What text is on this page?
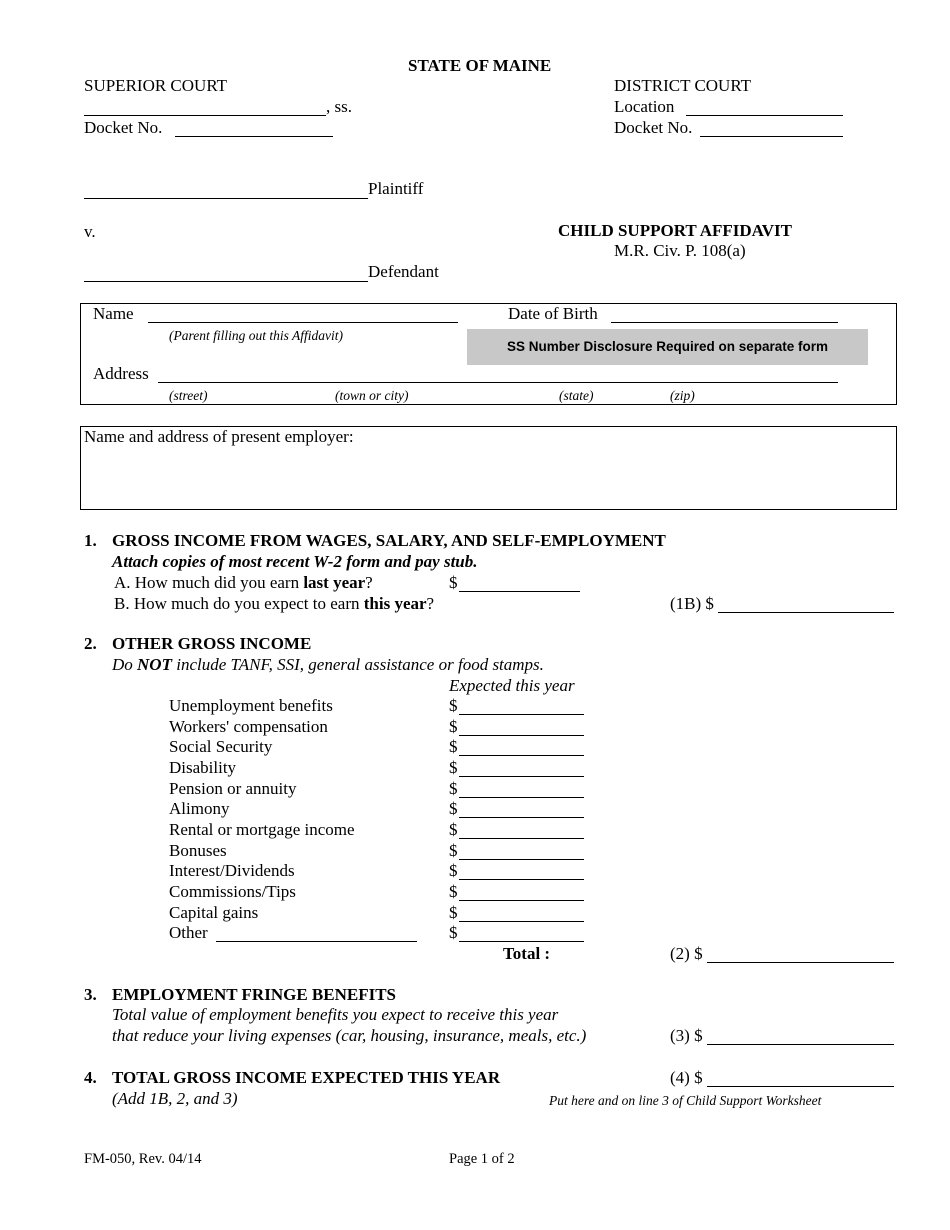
STATE OF MAINE
SUPERIOR COURT
, ss.
Docket No.
DISTRICT COURT
Location
Docket No.
Plaintiff
v.
Defendant
CHILD SUPPORT AFFIDAVIT
M.R. Civ. P. 108(a)
Name
(Parent filling out this Affidavit)
Date of Birth
SS Number Disclosure Required on separate form
Address
(street)	(town or city)	(state)	(zip)
Name and address of present employer:
1. GROSS INCOME FROM WAGES, SALARY, AND SELF-EMPLOYMENT
Attach copies of most recent W-2 form and pay stub.
A. How much did you earn last year?	$
B. How much do you expect to earn this year?	(1B) $
2. OTHER GROSS INCOME
Do NOT include TANF, SSI, general assistance or food stamps.
Expected this year
Unemployment benefits	$
Workers' compensation	$
Social Security	$
Disability	$
Pension or annuity	$
Alimony	$
Rental or mortgage income	$
Bonuses	$
Interest/Dividends	$
Commissions/Tips	$
Capital gains	$
Other	$
Total :	(2) $
3. EMPLOYMENT FRINGE BENEFITS
Total value of employment benefits you expect to receive this year
that reduce your living expenses (car, housing, insurance, meals, etc.)	(3) $
4. TOTAL GROSS INCOME EXPECTED THIS YEAR	(4) $
(Add 1B, 2, and 3)	Put here and on line 3 of Child Support Worksheet
FM-050, Rev. 04/14	Page 1 of 2
